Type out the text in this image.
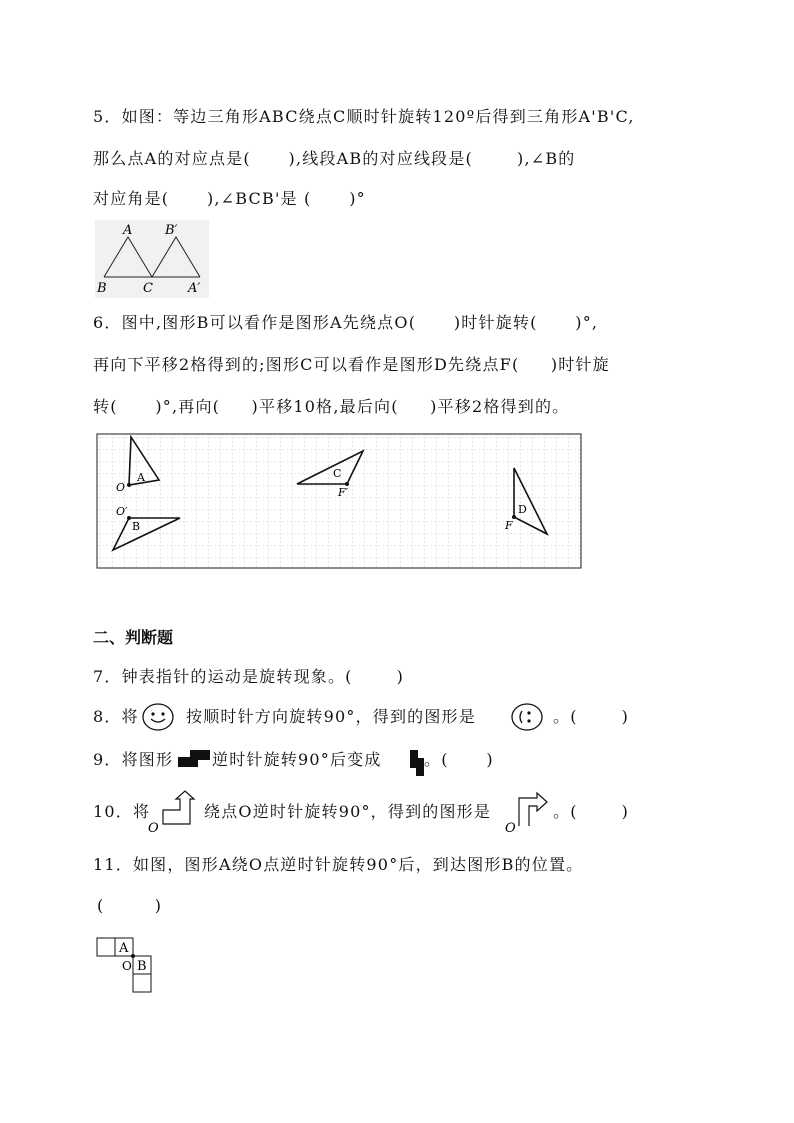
5．如图：等边三角形ABC绕点C顺时针旋转120º后得到三角形A'B'C,
那么点A的对应点是(      ),线段AB的对应线段是(       ),∠B的
对应角是(      ),∠BCB'是 (      )°
A	B′
B	C	A′
6．图中,图形B可以看作是图形A先绕点O(      )时针旋转(      )°,
再向下平移2格得到的;图形C可以看作是图形D先绕点F(     )时针旋
转(      )°,再向(     )平移10格,最后向(     )平移2格得到的。
A
O
O′
B
C
F′
D
F
二、判断题
7．钟表指针的运动是旋转现象。(       )
8．将	按顺时针方向旋转90°，得到的图形是	。(       )
9．将图形 逆时针旋转90°后变成	。(      )
10．将
O
绕点O逆时针旋转90°，得到的图形是
O
。(       )
11．如图，图形A绕O点逆时针旋转90°后，到达图形B的位置。
(        )
A
O B
